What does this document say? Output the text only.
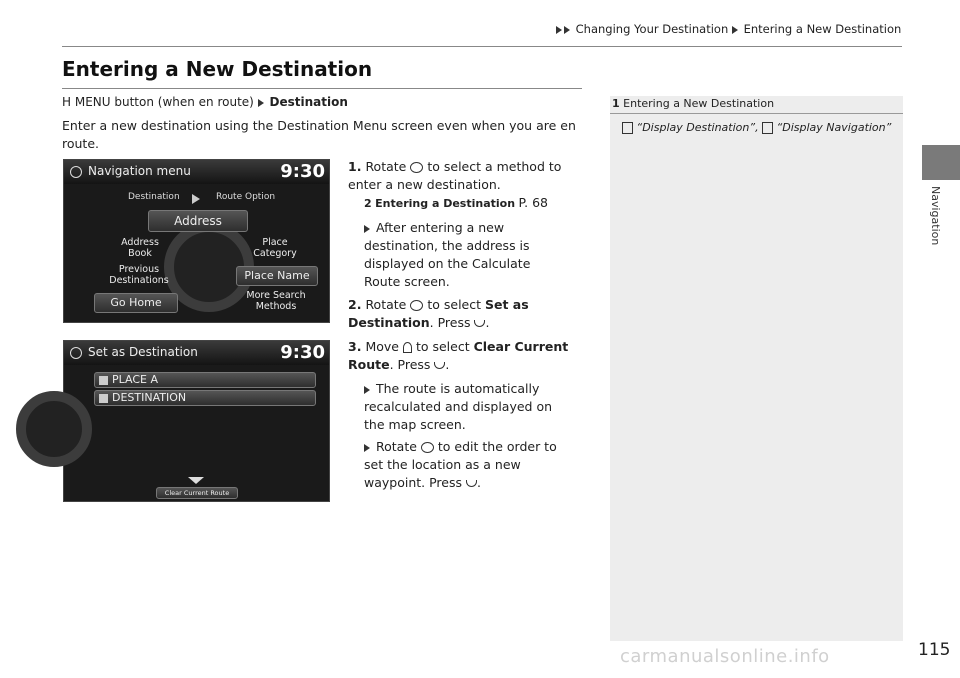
Changing Your Destination Entering a New Destination
Entering a New Destination
Navigation
H MENU button (when en route) Destination
Enter a new destination using the Destination Menu screen even when you are en route.
Navigation menu	9:30
Destination	Route Option
Address
Address
Book
Place
Category
Previous
Destinations	Place Name
Go Home
More Search
Methods
Set as Destination	9:30
PLACE A
DESTINATION
Clear Current Route
1. Rotate to select a method to enter a new destination.
2 Entering a Destination P. 68
After entering a new destination, the address is displayed on the Calculate Route screen.
2. Rotate to select Set as Destination. Press .
3. Move to select Clear Current Route. Press .
The route is automatically recalculated and displayed on the map screen.
Rotate to edit the order to set the location as a new waypoint. Press .
1 Entering a New Destination
“Display Destination”, “Display Navigation”
115
carmanualsonline.info
